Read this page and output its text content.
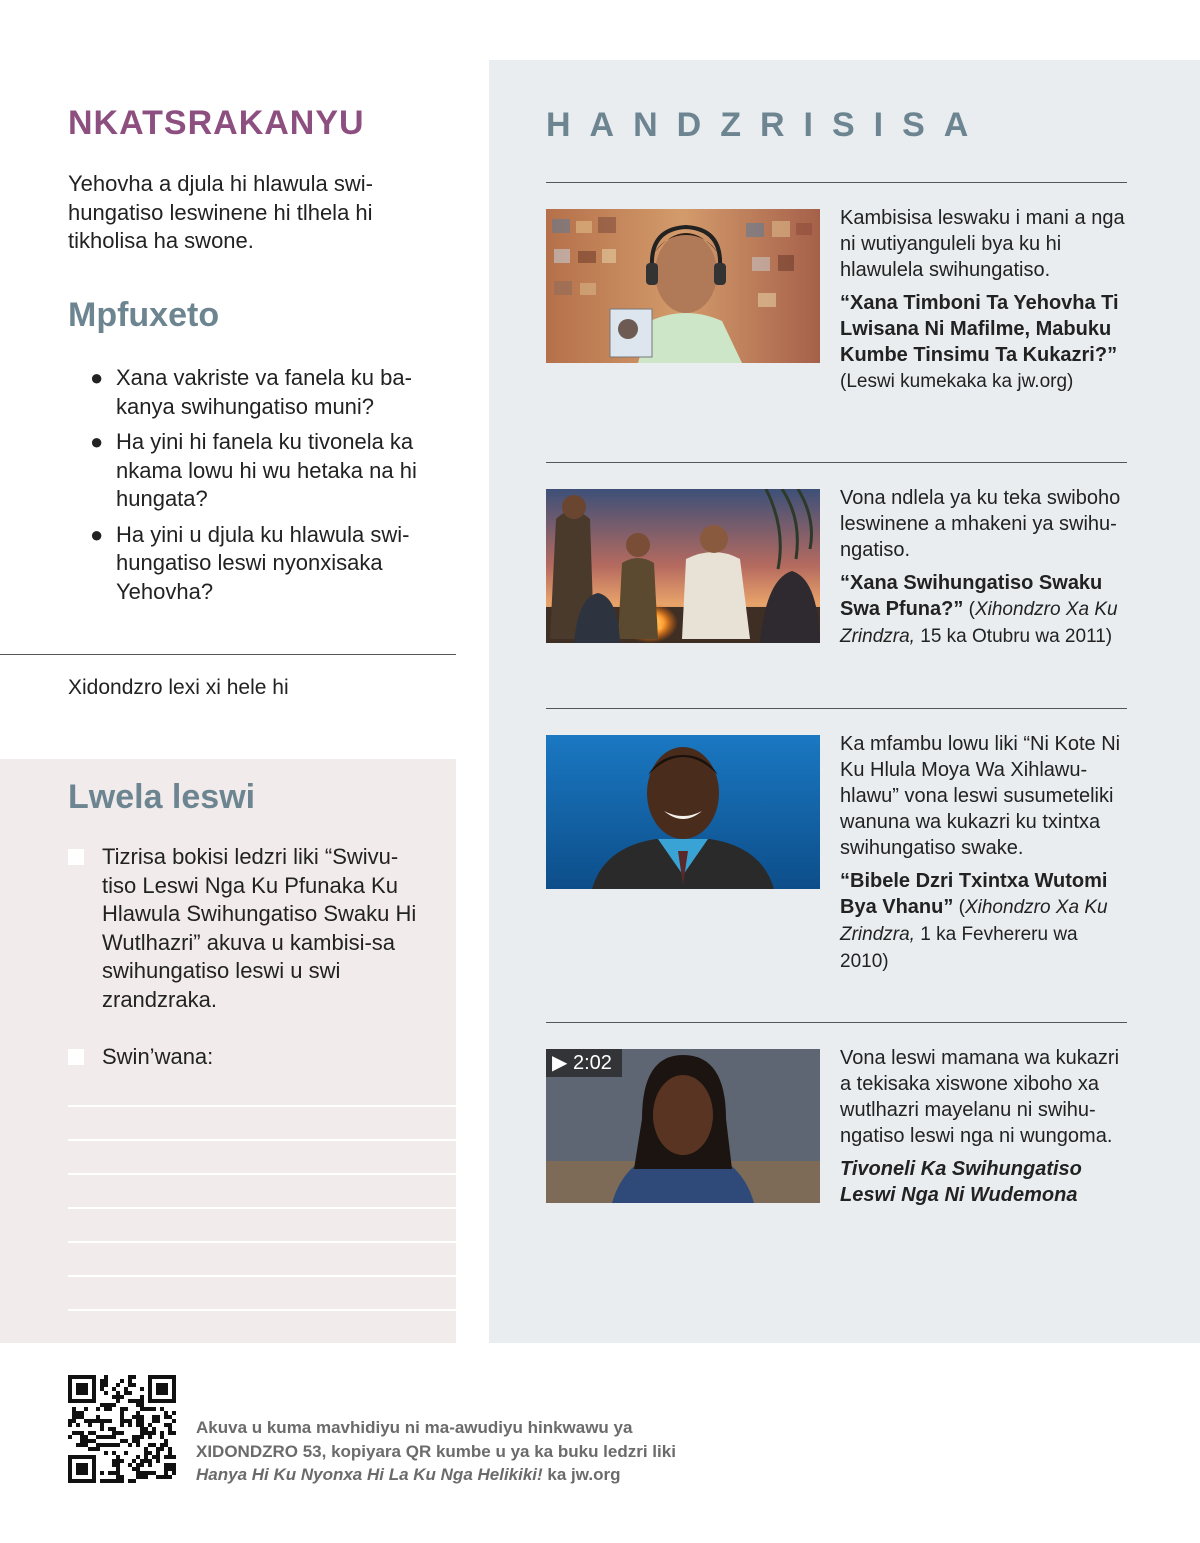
NKATSRAKANYU
Yehovha a djula hi hlawula swi-hungatiso leswinene hi tlhela hi tikholisa ha swone.
Mpfuxeto
● Xana vakriste va fanela ku ba-kanya swihungatiso muni?
● Ha yini hi fanela ku tivonela ka nkama lowu hi wu hetaka na hi hungata?
● Ha yini u djula ku hlawula swi-hungatiso leswi nyonxisaka Yehovha?
Xidondzro lexi xi hele hi
Lwela leswi
Tizrisa bokisi ledzri liki “Swivu-tiso Leswi Nga Ku Pfunaka Ku Hlawula Swihungatiso Swaku Hi Wutlhazri” akuva u kambisi-sa swihungatiso leswi u swi zrandzraka.
Swin’wana:
HANDZRISISA
Kambisisa leswaku i mani a nga ni wutiyanguleli bya ku hi hlawulela swihungatiso.
“Xana Timboni Ta Yehovha Ti Lwisana Ni Mafilme, Mabuku Kumbe Tinsimu Ta Kukazri?”
(Leswi kumekaka ka jw.org)
Vona ndlela ya ku teka swiboho leswinene a mhakeni ya swihu-ngatiso.
“Xana Swihungatiso Swaku Swa Pfuna?” (Xihondzro Xa Ku Zrindzra, 15 ka Otubru wa 2011)
Ka mfambu lowu liki “Ni Kote Ni Ku Hlula Moya Wa Xihlawu-hlawu” vona leswi susumeteliki wanuna wa kukazri ku txintxa swihungatiso swake.
“Bibele Dzri Txintxa Wutomi Bya Vhanu” (Xihondzro Xa Ku Zrindzra, 1 ka Fevhereru wa 2010)
▶ 2:02	Vona leswi mamana wa kukazri a tekisaka xiswone xiboho xa wutlhazri mayelanu ni swihu-ngatiso leswi nga ni wungoma.
Tivoneli Ka Swihungatiso Leswi Nga Ni Wudemona
Akuva u kuma mavhidiyu ni ma-awudiyu hinkwawu ya XIDONDZRO 53, kopiyara QR kumbe u ya ka buku ledzri liki Hanya Hi Ku Nyonxa Hi La Ku Nga Helikiki! ka jw.org
